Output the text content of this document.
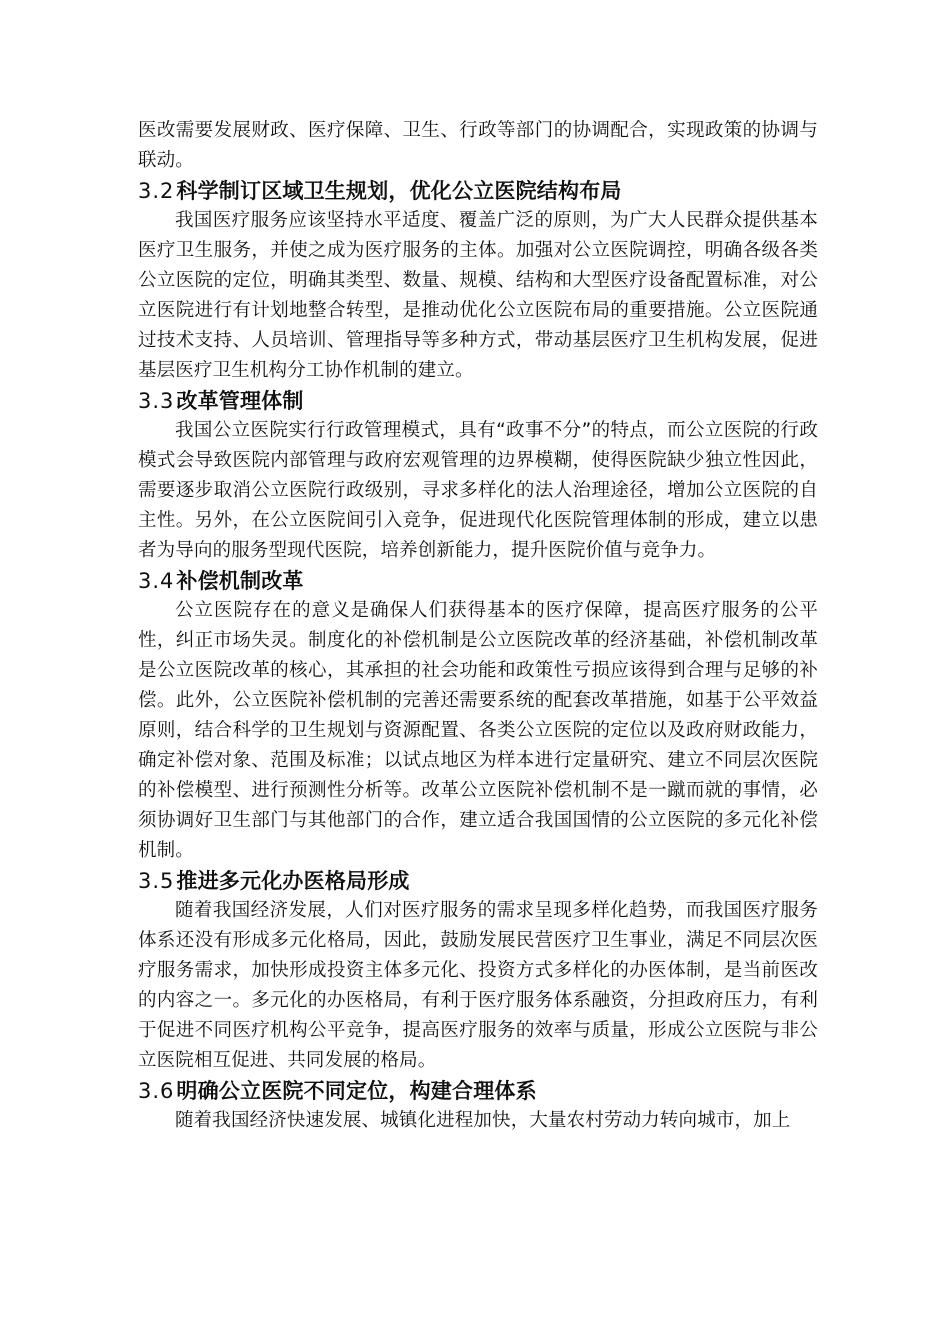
医改需要发展财政、医疗保障、卫生、行政等部门的协调配合，实现政策的协调与联动。

3.2科学制订区域卫生规划，优化公立医院结构布局

我国医疗服务应该坚持水平适度、覆盖广泛的原则，为广大人民群众提供基本医疗卫生服务，并使之成为医疗服务的主体。加强对公立医院调控，明确各级各类公立医院的定位，明确其类型、数量、规模、结构和大型医疗设备配置标准，对公立医院进行有计划地整合转型，是推动优化公立医院布局的重要措施。公立医院通过技术支持、人员培训、管理指导等多种方式，带动基层医疗卫生机构发展，促进基层医疗卫生机构分工协作机制的建立。

3.3改革管理体制

我国公立医院实行行政管理模式，具有“政事不分”的特点，而公立医院的行政模式会导致医院内部管理与政府宏观管理的边界模糊，使得医院缺少独立性因此，需要逐步取消公立医院行政级别，寻求多样化的法人治理途径，增加公立医院的自主性。另外，在公立医院间引入竞争，促进现代化医院管理体制的形成，建立以患者为导向的服务型现代医院，培养创新能力，提升医院价值与竞争力。

3.4补偿机制改革

公立医院存在的意义是确保人们获得基本的医疗保障，提高医疗服务的公平性，纠正市场失灵。制度化的补偿机制是公立医院改革的经济基础，补偿机制改革是公立医院改革的核心，其承担的社会功能和政策性亏损应该得到合理与足够的补偿。此外，公立医院补偿机制的完善还需要系统的配套改革措施，如基于公平效益原则，结合科学的卫生规划与资源配置、各类公立医院的定位以及政府财政能力，确定补偿对象、范围及标准；以试点地区为样本进行定量研究、建立不同层次医院的补偿模型、进行预测性分析等。改革公立医院补偿机制不是一蹴而就的事情，必须协调好卫生部门与其他部门的合作，建立适合我国国情的公立医院的多元化补偿机制。

3.5推进多元化办医格局形成

随着我国经济发展，人们对医疗服务的需求呈现多样化趋势，而我国医疗服务体系还没有形成多元化格局，因此，鼓励发展民营医疗卫生事业，满足不同层次医疗服务需求，加快形成投资主体多元化、投资方式多样化的办医体制，是当前医改的内容之一。多元化的办医格局，有利于医疗服务体系融资，分担政府压力，有利于促进不同医疗机构公平竞争，提高医疗服务的效率与质量，形成公立医院与非公立医院相互促进、共同发展的格局。

3.6明确公立医院不同定位，构建合理体系

随着我国经济快速发展、城镇化进程加快，大量农村劳动力转向城市，加上
